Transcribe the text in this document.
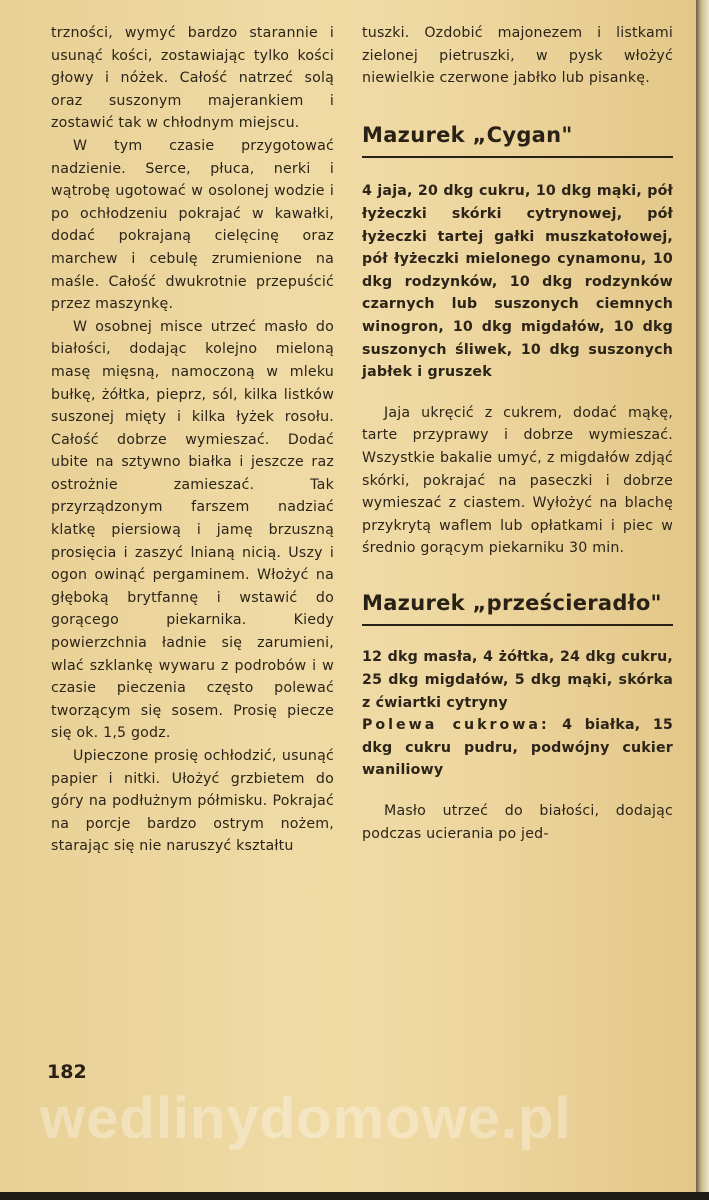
trzności, wymyć bardzo starannie i usunąć kości, zostawiając tylko kości głowy i nóżek. Całość natrzeć solą oraz suszonym majerankiem i zostawić tak w chłodnym miejscu.

W tym czasie przygotować nadzienie. Serce, płuca, nerki i wątrobę ugotować w osolonej wodzie i po ochłodzeniu pokrajać w kawałki, dodać pokrajaną cielęcinę oraz marchew i cebulę zrumienione na maśle. Całość dwukrotnie przepuścić przez maszynkę.

W osobnej misce utrzeć masło do białości, dodając kolejno mieloną masę mięsną, namoczoną w mleku bułkę, żółtka, pieprz, sól, kilka listków suszonej mięty i kilka łyżek rosołu. Całość dobrze wymieszać. Dodać ubite na sztywno białka i jeszcze raz ostrożnie zamieszać. Tak przyrządzonym farszem nadziać klatkę piersiową i jamę brzuszną prosięcia i zaszyć lnianą nicią. Uszy i ogon owinąć pergaminem. Włożyć na głęboką brytfannę i wstawić do gorącego piekarnika. Kiedy powierzchnia ładnie się zarumieni, wlać szklankę wywaru z podrobów i w czasie pieczenia często polewać tworzącym się sosem. Prosię piecze się ok. 1,5 godz.

Upieczone prosię ochłodzić, usunąć papier i nitki. Ułożyć grzbietem do góry na podłużnym półmisku. Pokrajać na porcje bardzo ostrym nożem, starając się nie naruszyć kształtu

tuszki. Ozdobić majonezem i listkami zielonej pietruszki, w pysk włożyć niewielkie czerwone jabłko lub pisankę.

Mazurek „Cygan"

4 jaja, 20 dkg cukru, 10 dkg mąki, pół łyżeczki skórki cytrynowej, pół łyżeczki tartej gałki muszkatołowej, pół łyżeczki mielonego cynamonu, 10 dkg rodzynków, 10 dkg rodzynków czarnych lub suszonych ciemnych winogron, 10 dkg migdałów, 10 dkg suszonych śliwek, 10 dkg suszonych jabłek i gruszek

Jaja ukręcić z cukrem, dodać mąkę, tarte przyprawy i dobrze wymieszać. Wszystkie bakalie umyć, z migdałów zdjąć skórki, pokrajać na paseczki i dobrze wymieszać z ciastem. Wyłożyć na blachę przykrytą waflem lub opłatkami i piec w średnio gorącym piekarniku 30 min.

Mazurek „prześcieradło"

12 dkg masła, 4 żółtka, 24 dkg cukru, 25 dkg migdałów, 5 dkg mąki, skórka z ćwiartki cytryny
Polewa cukrowa: 4 białka, 15 dkg cukru pudru, podwójny cukier waniliowy

Masło utrzeć do białości, dodając podczas ucierania po jed-

182
wedlinydomowe.pl
